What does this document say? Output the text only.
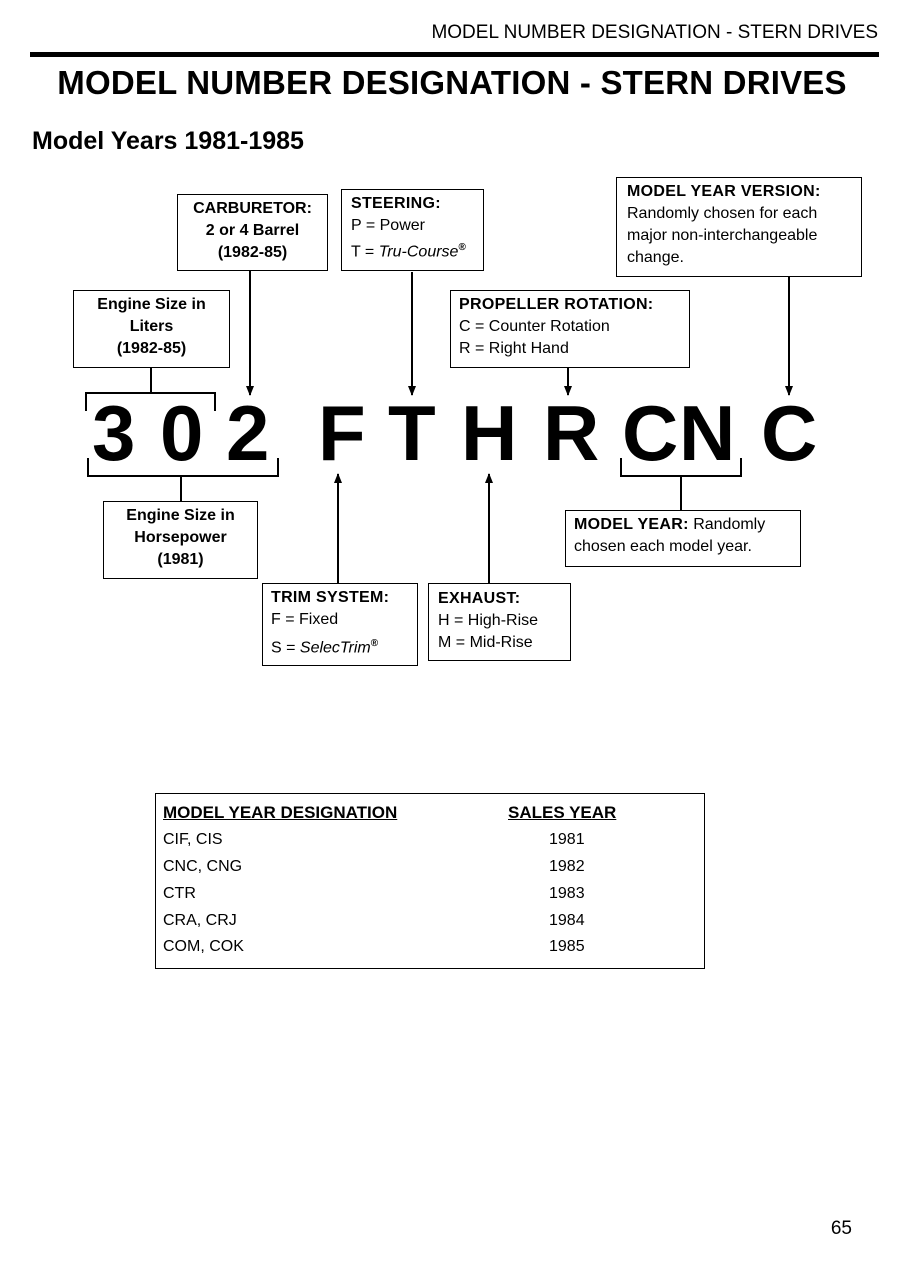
MODEL NUMBER DESIGNATION - STERN DRIVES
MODEL NUMBER DESIGNATION - STERN DRIVES
Model Years 1981-1985
3 0 2 F T H R C N C
CARBURETOR:
2 or 4 Barrel
(1982-85)
STEERING:
P = Power
T = Tru-Course®
MODEL YEAR VERSION:
Randomly chosen for each
major non-interchangeable
change.
Engine Size in
Liters
(1982-85)
PROPELLER ROTATION:
C = Counter Rotation
R = Right Hand
Engine Size in
Horsepower
(1981)
MODEL YEAR: Randomly
chosen each model year.
TRIM SYSTEM:
F = Fixed
S = SelecTrim®
EXHAUST:
H = High-Rise
M = Mid-Rise
MODEL YEAR DESIGNATION	SALES YEAR
CIF, CIS	1981
CNC, CNG	1982
CTR	1983
CRA, CRJ	1984
COM, COK	1985
65
